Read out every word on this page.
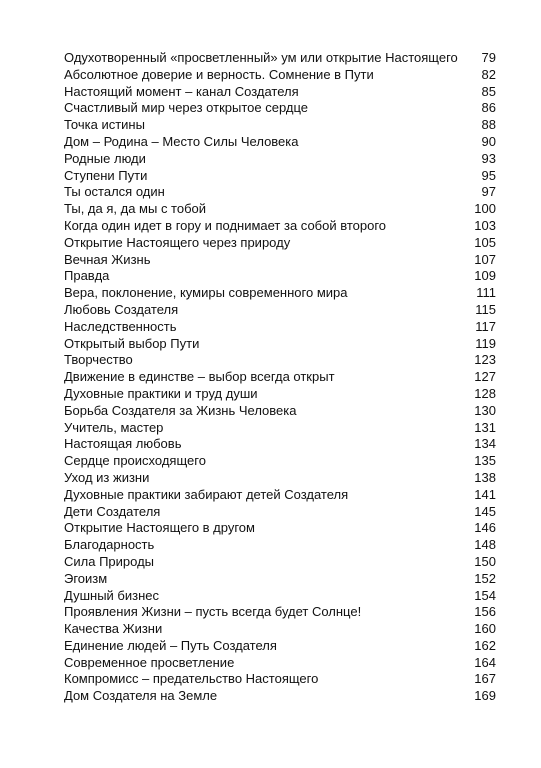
Одухотворенный «просветленный» ум или открытие Настоящего 79
Абсолютное доверие и верность. Сомнение в Пути	82
Настоящий момент – канал Создателя	85
Счастливый мир через открытое сердце	86
Точка истины	88
Дом – Родина – Место Силы Человека	90
Родные люди	93
Ступени Пути	95
Ты остался один	97
Ты, да я, да мы с тобой	100
Когда один идет в гору и поднимает за собой второго	103
Открытие Настоящего через природу	105
Вечная Жизнь	107
Правда	109
Вера, поклонение, кумиры современного мира	111
Любовь Создателя	115
Наследственность	117
Открытый выбор Пути	119
Творчество	123
Движение в единстве – выбор всегда открыт	127
Духовные практики и труд души	128
Борьба Создателя за Жизнь Человека	130
Учитель, мастер	131
Настоящая любовь	134
Сердце происходящего	135
Уход из жизни	138
Духовные практики забирают детей Создателя	141
Дети Создателя	145
Открытие Настоящего в другом	146
Благодарность	148
Сила Природы	150
Эгоизм	152
Душный бизнес	154
Проявления Жизни – пусть всегда будет Солнце!	156
Качества Жизни	160
Единение людей – Путь Создателя	162
Современное просветление	164
Компромисс – предательство Настоящего	167
Дом Создателя на Земле	169
